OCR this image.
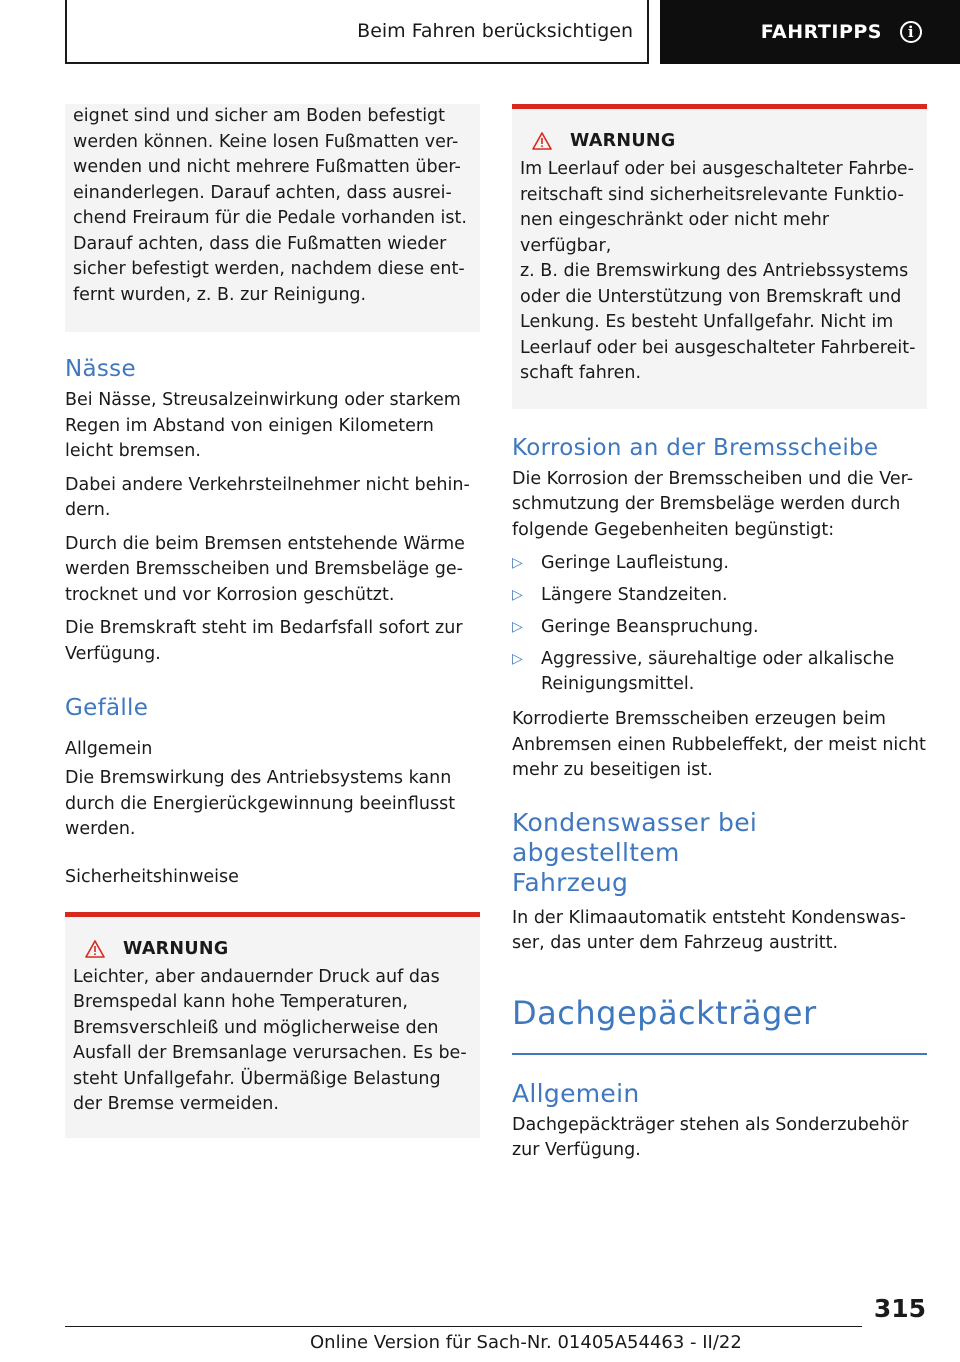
Beim Fahren berücksichtigen	FAHRTIPPS	i

eignet sind und sicher am Boden befestigt
werden können. Keine losen Fußmatten ver-
wenden und nicht mehrere Fußmatten über-
einanderlegen. Darauf achten, dass ausrei-
chend Freiraum für die Pedale vorhanden ist.
Darauf achten, dass die Fußmatten wieder
sicher befestigt werden, nachdem diese ent-
fernt wurden, z. B. zur Reinigung.

Nässe

Bei Nässe, Streusalzeinwirkung oder starkem
Regen im Abstand von einigen Kilometern
leicht bremsen.

Dabei andere Verkehrsteilnehmer nicht behin-
dern.

Durch die beim Bremsen entstehende Wärme
werden Bremsscheiben und Bremsbeläge ge-
trocknet und vor Korrosion geschützt.

Die Bremskraft steht im Bedarfsfall sofort zur
Verfügung.

Gefälle
Allgemein

Die Bremswirkung des Antriebsystems kann
durch die Energierückgewinnung beeinflusst
werden.

Sicherheitshinweise
WARNUNG

Leichter, aber andauernder Druck auf das
Bremspedal kann hohe Temperaturen,
Bremsverschleiß und möglicherweise den
Ausfall der Bremsanlage verursachen. Es be-
steht Unfallgefahr. Übermäßige Belastung
der Bremse vermeiden.

WARNUNG

Im Leerlauf oder bei ausgeschalteter Fahrbe-
reitschaft sind sicherheitsrelevante Funktio-
nen eingeschränkt oder nicht mehr verfügbar,
z. B. die Bremswirkung des Antriebssystems
oder die Unterstützung von Bremskraft und
Lenkung. Es besteht Unfallgefahr. Nicht im
Leerlauf oder bei ausgeschalteter Fahrbereit-
schaft fahren.

Korrosion an der Bremsscheibe

Die Korrosion der Bremsscheiben und die Ver-
schmutzung der Bremsbeläge werden durch
folgende Gegebenheiten begünstigt:

▷ Geringe Laufleistung.
▷ Längere Standzeiten.
▷ Geringe Beanspruchung.
▷ Aggressive, säurehaltige oder alkalische
Reinigungsmittel.

Korrodierte Bremsscheiben erzeugen beim
Anbremsen einen Rubbeleffekt, der meist nicht
mehr zu beseitigen ist.

Kondenswasser bei abgestelltem
Fahrzeug

In der Klimaautomatik entsteht Kondenswas-
ser, das unter dem Fahrzeug austritt.

Dachgepäckträger
Allgemein

Dachgepäckträger stehen als Sonderzubehör
zur Verfügung.

315
Online Version für Sach-Nr. 01405A54463 - II/22
